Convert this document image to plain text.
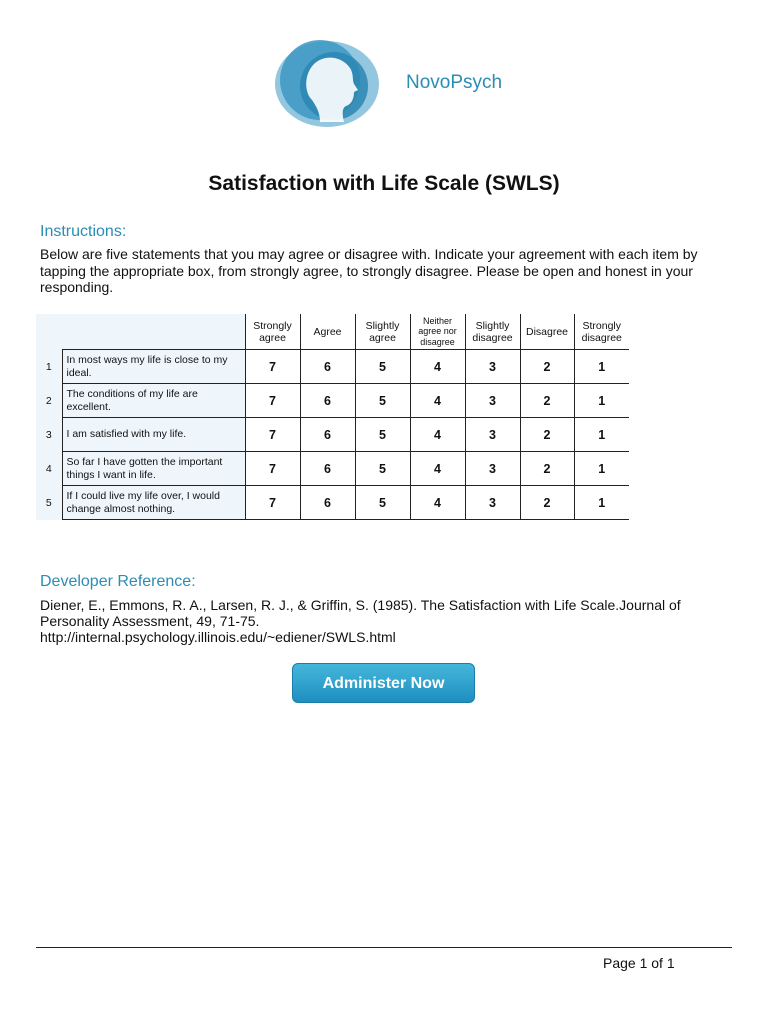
NovoPsych
Satisfaction with Life Scale (SWLS)
Instructions:
Below are five statements that you may agree or disagree with. Indicate your agreement with each item by tapping the appropriate box, from strongly agree, to strongly disagree. Please be open and honest in your responding.
		Strongly agree	Agree	Slightly agree	Neither agree nor disagree	Slightly disagree	Disagree	Strongly disagree
1	In most ways my life is close to my ideal.	7	6	5	4	3	2	1
2	The conditions of my life are excellent.	7	6	5	4	3	2	1
3	I am satisfied with my life.	7	6	5	4	3	2	1
4	So far I have gotten the important things I want in life.	7	6	5	4	3	2	1
5	If I could live my life over, I would change almost nothing.	7	6	5	4	3	2	1
Developer Reference:
Diener, E., Emmons, R. A., Larsen, R. J., & Griffin, S. (1985). The Satisfaction with Life Scale.Journal of Personality Assessment, 49, 71-75.
http://internal.psychology.illinois.edu/~ediener/SWLS.html
Administer Now
Page 1 of 1
